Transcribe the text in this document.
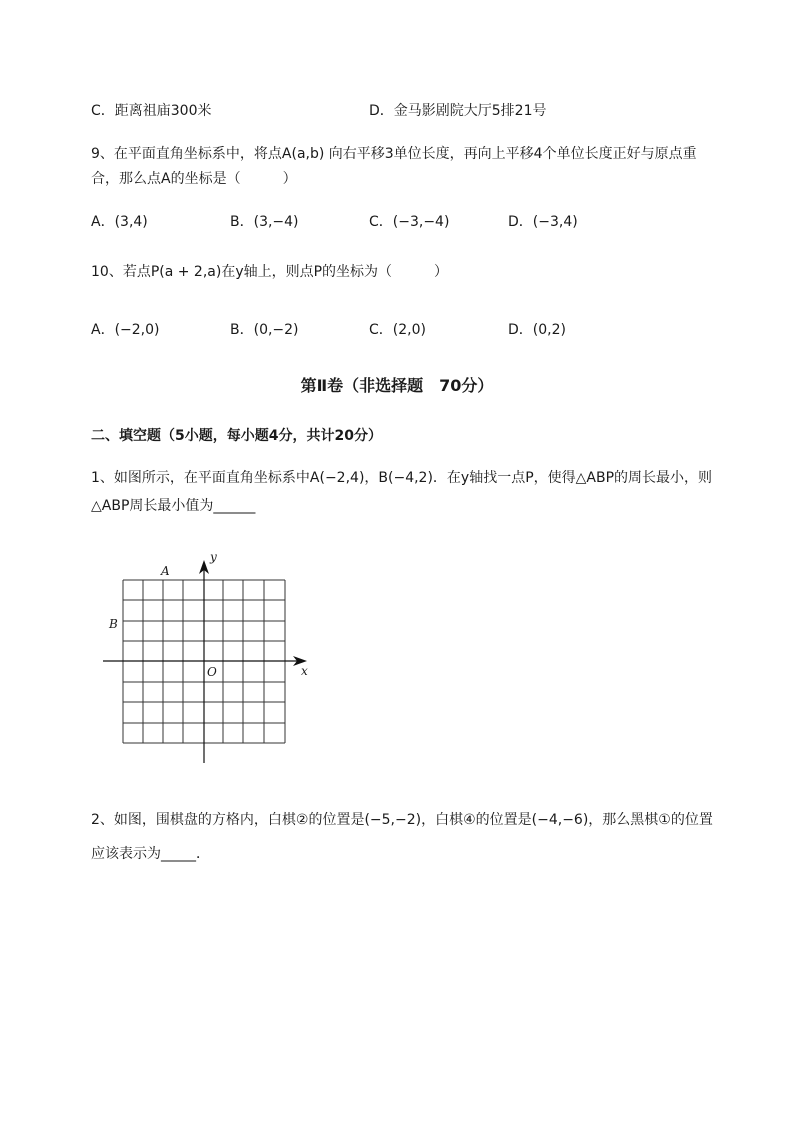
C．距离祖庙300米	D．金马影剧院大厅5排21号
9、在平面直角坐标系中，将点A(a,b) 向右平移3单位长度，再向上平移4个单位长度正好与原点重
合，那么点A的坐标是（　　　）
A．(3,4)	B．(3,−4)	C．(−3,−4)	D．(−3,4)
10、若点P(a + 2,a)在y轴上，则点P的坐标为（　　　）
A．(−2,0)	B．(0,−2)	C．(2,0)	D．(0,2)
第Ⅱ卷（非选择题　70分）
二、填空题（5小题，每小题4分，共计20分）
1、如图所示，在平面直角坐标系中A(−2,4)，B(−4,2)．在y轴找一点P，使得△ABP的周长最小，则
△ABP周长最小值为______
A
B
O	x
y
2、如图，围棋盘的方格内，白棋②的位置是(−5,−2)，白棋④的位置是(−4,−6)，那么黑棋①的位置
应该表示为_____．
